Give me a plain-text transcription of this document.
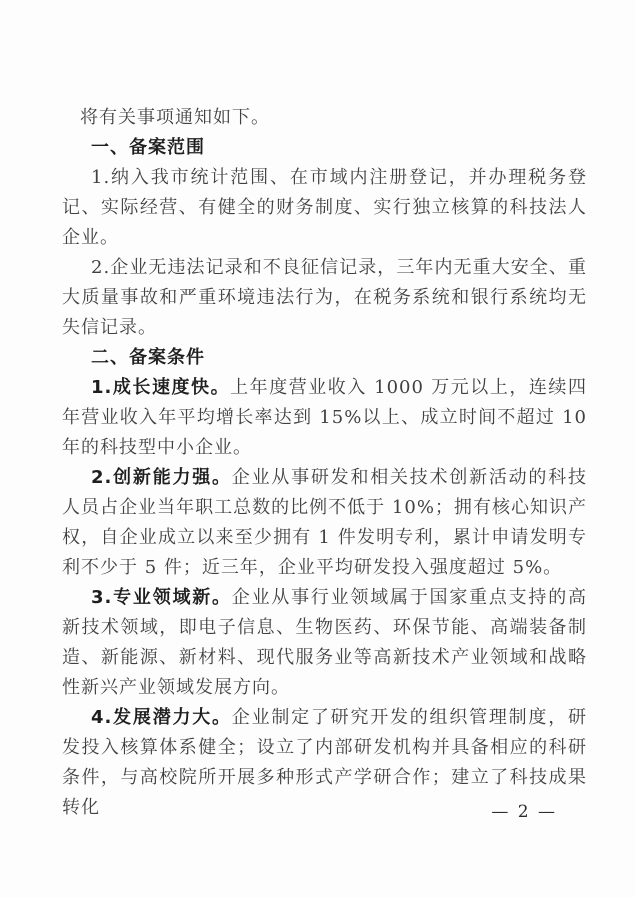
将有关事项通知如下。

一、备案范围

1.纳入我市统计范围、在市域内注册登记，并办理税务登记、实际经营、有健全的财务制度、实行独立核算的科技法人企业。

2.企业无违法记录和不良征信记录，三年内无重大安全、重大质量事故和严重环境违法行为，在税务系统和银行系统均无失信记录。

二、备案条件

1.成长速度快。上年度营业收入 1000 万元以上，连续四年营业收入年平均增长率达到 15%以上、成立时间不超过 10 年的科技型中小企业。

2.创新能力强。企业从事研发和相关技术创新活动的科技人员占企业当年职工总数的比例不低于 10%；拥有核心知识产权，自企业成立以来至少拥有 1 件发明专利，累计申请发明专利不少于 5 件；近三年，企业平均研发投入强度超过 5%。

3.专业领域新。企业从事行业领域属于国家重点支持的高新技术领域，即电子信息、生物医药、环保节能、高端装备制造、新能源、新材料、现代服务业等高新技术产业领域和战略性新兴产业领域发展方向。

4.发展潜力大。企业制定了研究开发的组织管理制度，研发投入核算体系健全；设立了内部研发机构并具备相应的科研条件，与高校院所开展多种形式产学研合作；建立了科技成果转化	— 2 —
